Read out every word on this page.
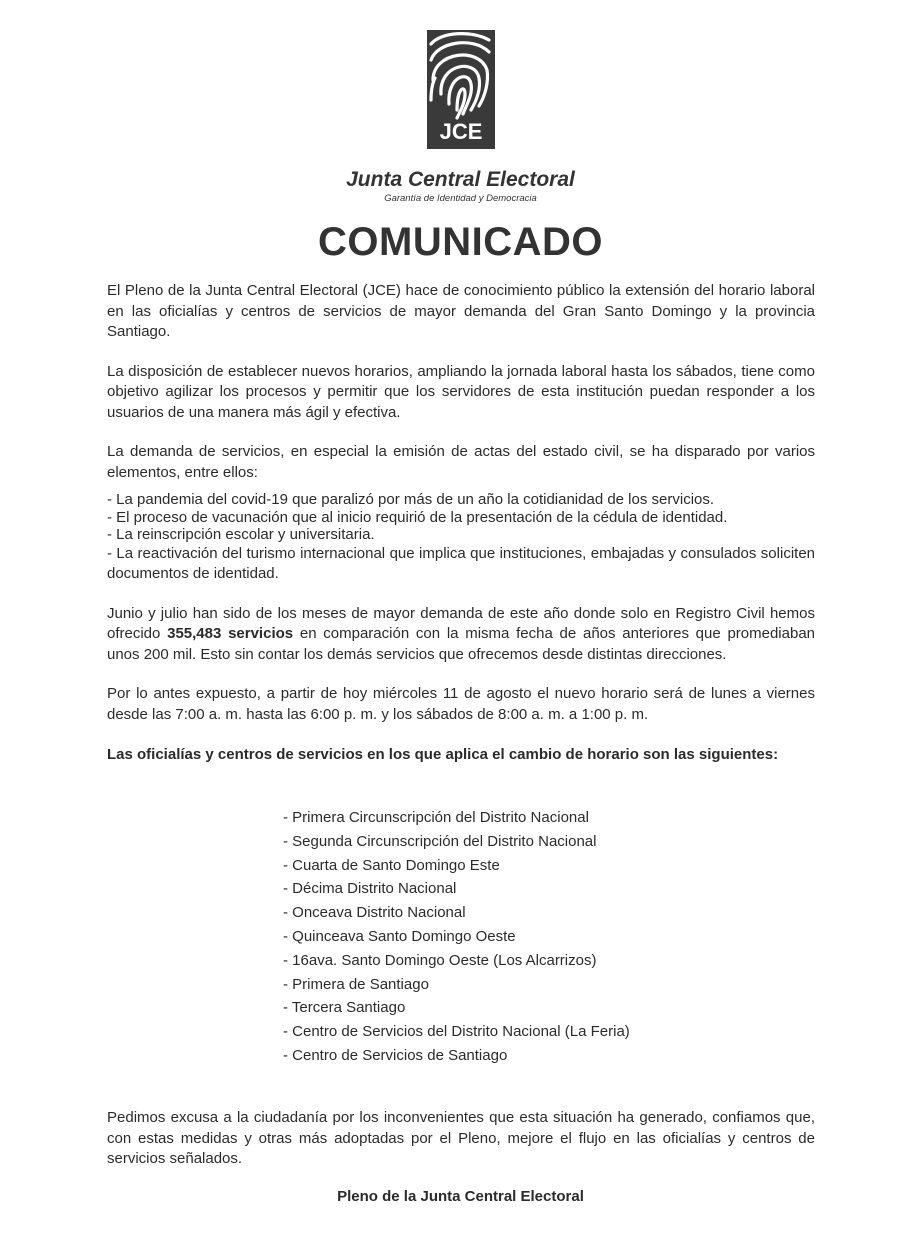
JCE
Junta Central Electoral
Garantía de Identidad y Democracia
COMUNICADO

El Pleno de la Junta Central Electoral (JCE) hace de conocimiento público la extensión del horario laboral en las oficialías y centros de servicios de mayor demanda del Gran Santo Domingo y la provincia Santiago.

La disposición de establecer nuevos horarios, ampliando la jornada laboral hasta los sábados, tiene como objetivo agilizar los procesos y permitir que los servidores de esta institución puedan responder a los usuarios de una manera más ágil y efectiva.

La demanda de servicios, en especial la emisión de actas del estado civil, se ha disparado por varios elementos, entre ellos:

- La pandemia del covid-19 que paralizó por más de un año la cotidianidad de los servicios.

- El proceso de vacunación que al inicio requirió de la presentación de la cédula de identidad.

- La reinscripción escolar y universitaria.

- La reactivación del turismo internacional que implica que instituciones, embajadas y consulados soliciten documentos de identidad.

Junio y julio han sido de los meses de mayor demanda de este año donde solo en Registro Civil hemos ofrecido 355,483 servicios en comparación con la misma fecha de años anteriores que promediaban unos 200 mil. Esto sin contar los demás servicios que ofrecemos desde distintas direcciones.

Por lo antes expuesto, a partir de hoy miércoles 11 de agosto el nuevo horario será de lunes a viernes desde las 7:00 a. m. hasta las 6:00 p. m. y los sábados de 8:00 a. m. a 1:00 p. m.

Las oficialías y centros de servicios en los que aplica el cambio de horario son las siguientes:

- Primera Circunscripción del Distrito Nacional
- Segunda Circunscripción del Distrito Nacional
- Cuarta de Santo Domingo Este
- Décima Distrito Nacional
- Onceava Distrito Nacional
- Quinceava Santo Domingo Oeste
- 16ava. Santo Domingo Oeste (Los Alcarrizos)
- Primera de Santiago
- Tercera Santiago
- Centro de Servicios del Distrito Nacional (La Feria)
- Centro de Servicios de Santiago

Pedimos excusa a la ciudadanía por los inconvenientes que esta situación ha generado, confiamos que, con estas medidas y otras más adoptadas por el Pleno, mejore el flujo en las oficialías y centros de servicios señalados.

Pleno de la Junta Central Electoral
